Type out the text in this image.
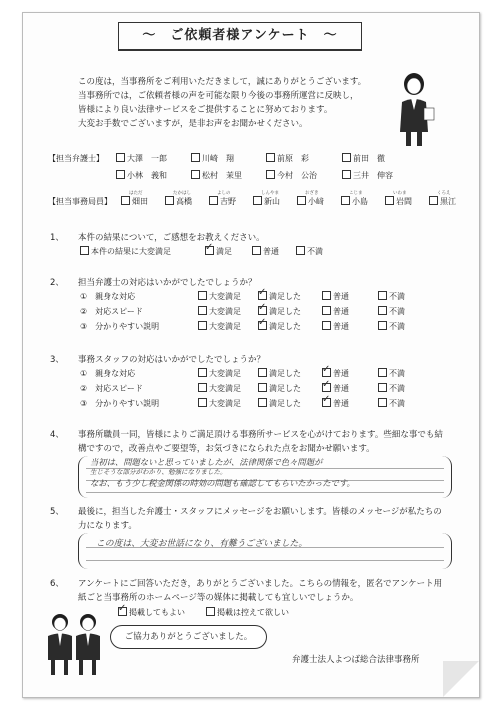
〜　ご依頼者様アンケート　〜
この度は，当事務所をご利用いただきまして，誠にありがとうございます。
当事務所では，ご依頼者様の声を可能な限り今後の事務所運営に反映し，
皆様により良い法律サービスをご提供することに努めております。
大変お手数でございますが，是非お声をお聞かせください。
【担当弁護士】	大澤　一郎	川崎　翔	前原　彩	前田　徹
小林　義和	松村　茉里	今村　公治	三井　伸容
【担当事務局員】
はただ
畑田
たかはし
高橋
よしの
吉野
しんやま
新山
おざき
小﨑
こじま
小島
いわま
岩間
くろえ
黒江
1、 本件の結果について，ご感想をお教えください。
本件の結果に大変満足 ✓	満足	普通	不満
2、 担当弁護士の対応はいかがでしたでしょうか？
①　親身な対応	大変満足 ✓	満足した	普通	不満
②　対応スピード	大変満足 ✓	満足した	普通	不満
③　分かりやすい説明	大変満足 ✓	満足した	普通	不満
3、 事務スタッフの対応はいかがでしたでしょうか？
①　親身な対応	大変満足	満足した ✓	普通	不満
②　対応スピード	大変満足	満足した ✓	普通	不満
③　分かりやすい説明	大変満足	満足した ✓	普通	不満
4、 事務所職員一同，皆様によりご満足頂ける事務所サービスを心がけております。些細な事でも結
構ですので，改善点やご要望等，お気づきになられた点をお聞かせ願います。
当初は、問題ないと思っていましたが、法律関係で色々問題が
生じそうな部分がわかり、勉強になりました。
なお、もう少し税金関係の時効の問題も確認してもらいたかったです。
5、 最後に，担当した弁護士・スタッフにメッセージをお願いします。皆様のメッセージが私たちの
力になります。
この度は、大変お世話になり、有難うございました。
6、 アンケートにご回答いただき，ありがとうございました。こちらの情報を，匿名でアンケート用
紙ごと当事務所のホームページ等の媒体に掲載しても宜しいでしょうか。
✓掲載してもよい	掲載は控えて欲しい
ご協力ありがとうございました。
弁護士法人よつば総合法律事務所
